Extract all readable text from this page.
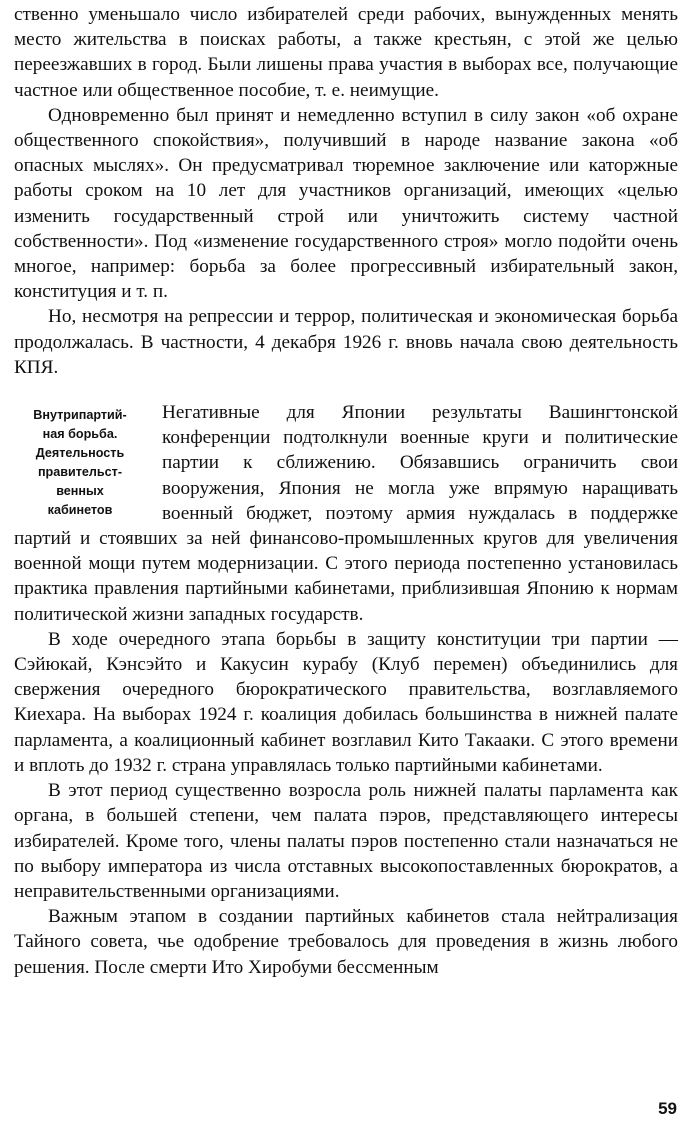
ственно уменьшало число избирателей среди рабочих, вынужденных менять место жительства в поисках работы, а также крестьян, с этой же целью переезжавших в город. Были лишены права участия в выборах все, получающие частное или общественное пособие, т. е. неимущие.

Одновременно был принят и немедленно вступил в силу закон «об охране общественного спокойствия», получивший в народе название закона «об опасных мыслях». Он предусматривал тюремное заключение или каторжные работы сроком на 10 лет для участников организаций, имеющих «целью изменить государственный строй или уничтожить систему частной собственности». Под «изменение государственного строя» могло подойти очень многое, например: борьба за более прогрессивный избирательный закон, конституция и т. п.

Но, несмотря на репрессии и террор, политическая и экономическая борьба продолжалась. В частности, 4 декабря 1926 г. вновь начала свою деятельность КПЯ.

Внутрипартий-
ная борьба.
Деятельность
правительст-
венных
кабинетов

Негативные для Японии результаты Вашингтонской конференции подтолкнули военные круги и политические партии к сближению. Обязавшись ограничить свои вооружения, Япония не могла уже впрямую наращивать военный бюджет, поэтому армия нуждалась в поддержке партий и стоявших за ней финансово-промышленных кругов для увеличения военной мощи путем модернизации. С этого периода постепенно установилась практика правления партийными кабинетами, приблизившая Японию к нормам политической жизни западных государств.

В ходе очередного этапа борьбы в защиту конституции три партии — Сэйюкай, Кэнсэйто и Какусин курабу (Клуб перемен) объединились для свержения очередного бюрократического правительства, возглавляемого Киехара. На выборах 1924 г. коалиция добилась большинства в нижней палате парламента, а коалиционный кабинет возглавил Кито Такааки. С этого времени и вплоть до 1932 г. страна управлялась только партийными кабинетами.

В этот период существенно возросла роль нижней палаты парламента как органа, в большей степени, чем палата пэров, представляющего интересы избирателей. Кроме того, члены палаты пэров постепенно стали назначаться не по выбору императора из числа отставных высокопоставленных бюрократов, а неправительственными организациями.

Важным этапом в создании партийных кабинетов стала нейтрализация Тайного совета, чье одобрение требовалось для проведения в жизнь любого решения. После смерти Ито Хиробуми бессменным

59
